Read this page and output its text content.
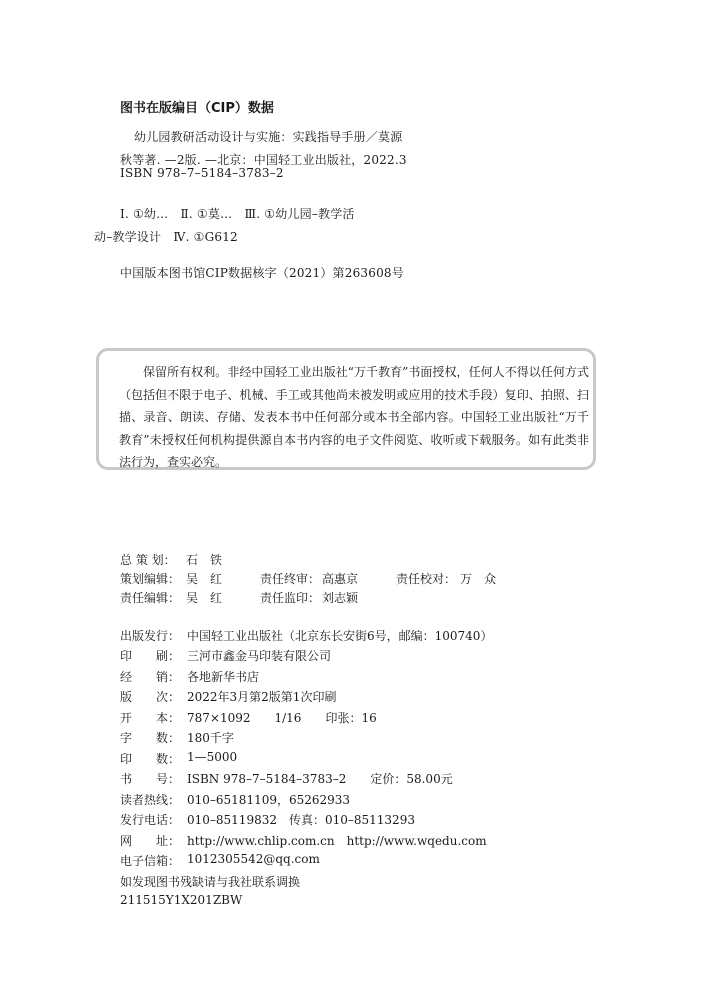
图书在版编目（CIP）数据
幼儿园教研活动设计与实施：实践指导手册／莫源
秋等著. —2版. —北京：中国轻工业出版社，2022.3
ISBN 978–7–5184–3783–2
Ⅰ. ①幼…　Ⅱ. ①莫…　Ⅲ. ①幼儿园–教学活
动–教学设计　Ⅳ. ①G612
中国版本图书馆CIP数据核字（2021）第263608号
保留所有权利。非经中国轻工业出版社“万千教育”书面授权，任何人不得以任何方式（包括但不限于电子、机械、手工或其他尚未被发明或应用的技术手段）复印、拍照、扫描、录音、朗读、存储、发表本书中任何部分或本书全部内容。中国轻工业出版社“万千教育”未授权任何机构提供源自本书内容的电子文件阅览、收听或下载服务。如有此类非法行为，查实必究。
总 策 划： 石　铁
策划编辑： 吴　红	责任终审： 高惠京	责任校对： 万　众
责任编辑： 吴　红	责任监印： 刘志颖
出版发行： 中国轻工业出版社（北京东长安街6号，邮编：100740）
印　　刷： 三河市鑫金马印装有限公司
经　　销： 各地新华书店
版　　次： 2022年3月第2版第1次印刷
开　　本： 787×1092　　1/16　　印张：16
字　　数： 180千字
印　　数： 1—5000
书　　号： ISBN 978–7–5184–3783–2　　定价：58.00元
读者热线： 010–65181109，65262933
发行电话： 010–85119832　传真：010–85113293
网　　址： http://www.chlip.com.cn　http://www.wqedu.com
电子信箱： 1012305542@qq.com
如发现图书残缺请与我社联系调换
211515Y1X201ZBW
